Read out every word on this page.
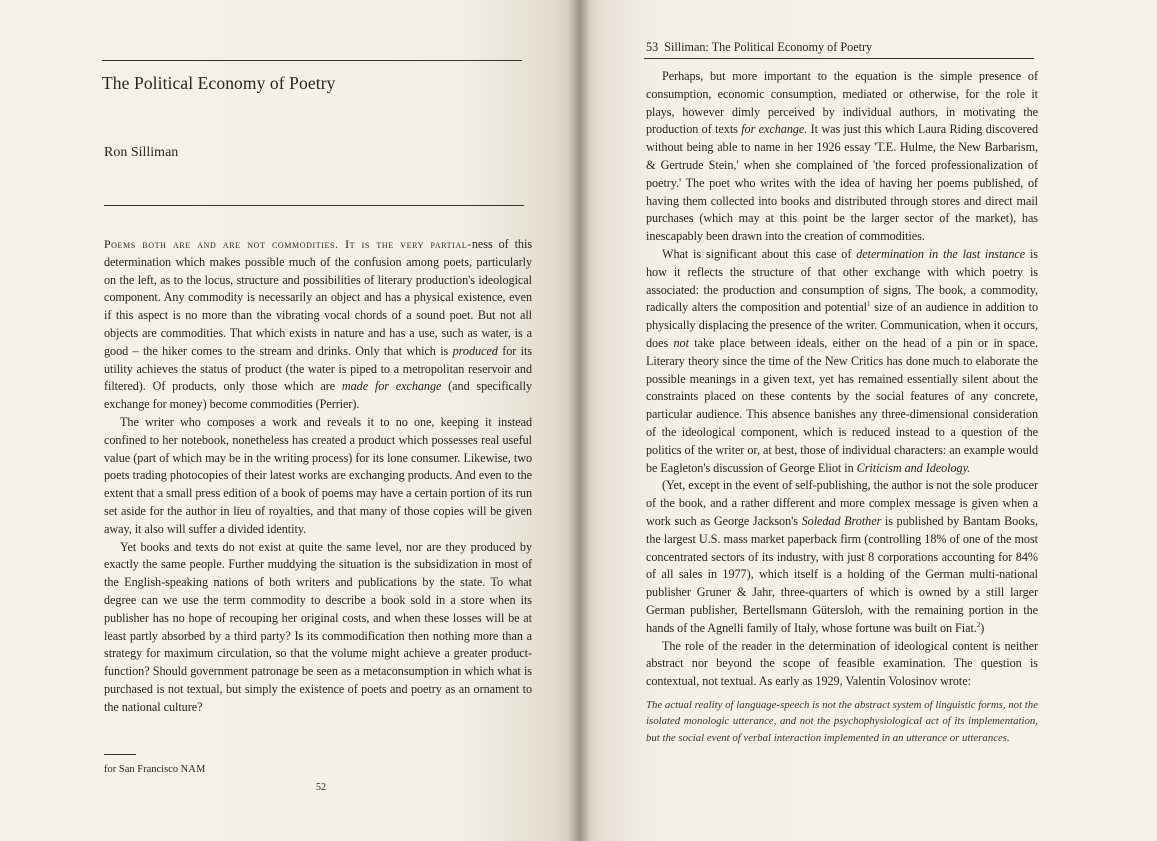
The Political Economy of Poetry
Ron Silliman

Poems both are and are not commodities. It is the very partial-ness of this determination which makes possible much of the confusion among poets, particularly on the left, as to the locus, structure and possibilities of literary production's ideological component. Any commodity is necessarily an object and has a physical existence, even if this aspect is no more than the vibrating vocal chords of a sound poet. But not all objects are commodities. That which exists in nature and has a use, such as water, is a good – the hiker comes to the stream and drinks. Only that which is produced for its utility achieves the status of product (the water is piped to a metropolitan reservoir and filtered). Of products, only those which are made for exchange (and specifically exchange for money) become commodities (Perrier).

The writer who composes a work and reveals it to no one, keeping it instead confined to her notebook, nonetheless has created a product which possesses real useful value (part of which may be in the writing process) for its lone consumer. Likewise, two poets trading photocopies of their latest works are exchanging products. And even to the extent that a small press edition of a book of poems may have a certain portion of its run set aside for the author in lieu of royalties, and that many of those copies will be given away, it also will suffer a divided identity.

Yet books and texts do not exist at quite the same level, nor are they produced by exactly the same people. Further muddying the situation is the subsidization in most of the English-speaking nations of both writers and publications by the state. To what degree can we use the term commodity to describe a book sold in a store when its publisher has no hope of recouping her original costs, and when these losses will be at least partly absorbed by a third party? Is its commodification then nothing more than a strategy for maximum circulation, so that the volume might achieve a greater product-function? Should government patronage be seen as a metaconsumption in which what is purchased is not textual, but simply the existence of poets and poetry as an ornament to the national culture?

for San Francisco NAM
52
53 Silliman: The Political Economy of Poetry

Perhaps, but more important to the equation is the simple presence of consumption, economic consumption, mediated or otherwise, for the role it plays, however dimly perceived by individual authors, in motivating the production of texts for exchange. It was just this which Laura Riding discovered without being able to name in her 1926 essay 'T.E. Hulme, the New Barbarism, & Gertrude Stein,' when she complained of 'the forced professionalization of poetry.' The poet who writes with the idea of having her poems published, of having them collected into books and distributed through stores and direct mail purchases (which may at this point be the larger sector of the market), has inescapably been drawn into the creation of commodities.

What is significant about this case of determination in the last instance is how it reflects the structure of that other exchange with which poetry is associated: the production and consumption of signs. The book, a commodity, radically alters the composition and potential$^1$ size of an audience in addition to physically displacing the presence of the writer. Communication, when it occurs, does not take place between ideals, either on the head of a pin or in space. Literary theory since the time of the New Critics has done much to elaborate the possible meanings in a given text, yet has remained essentially silent about the constraints placed on these contents by the social features of any concrete, particular audience. This absence banishes any three-dimensional consideration of the ideological component, which is reduced instead to a question of the politics of the writer or, at best, those of individual characters: an example would be Eagleton's discussion of George Eliot in Criticism and Ideology.

(Yet, except in the event of self-publishing, the author is not the sole producer of the book, and a rather different and more complex message is given when a work such as George Jackson's Soledad Brother is published by Bantam Books, the largest U.S. mass market paperback firm (controlling 18% of one of the most concentrated sectors of its industry, with just 8 corporations accounting for 84% of all sales in 1977), which itself is a holding of the German multi-national publisher Gruner & Jahr, three-quarters of which is owned by a still larger German publisher, Bertellsmann Gütersloh, with the remaining portion in the hands of the Agnelli family of Italy, whose fortune was built on Fiat.$^2$)

The role of the reader in the determination of ideological content is neither abstract nor beyond the scope of feasible examination. The question is contextual, not textual. As early as 1929, Valentin Volosinov wrote:

The actual reality of language-speech is not the abstract system of linguistic forms, not the isolated monologic utterance, and not the psychophysiological act of its implementation, but the social event of verbal interaction implemented in an utterance or utterances.
